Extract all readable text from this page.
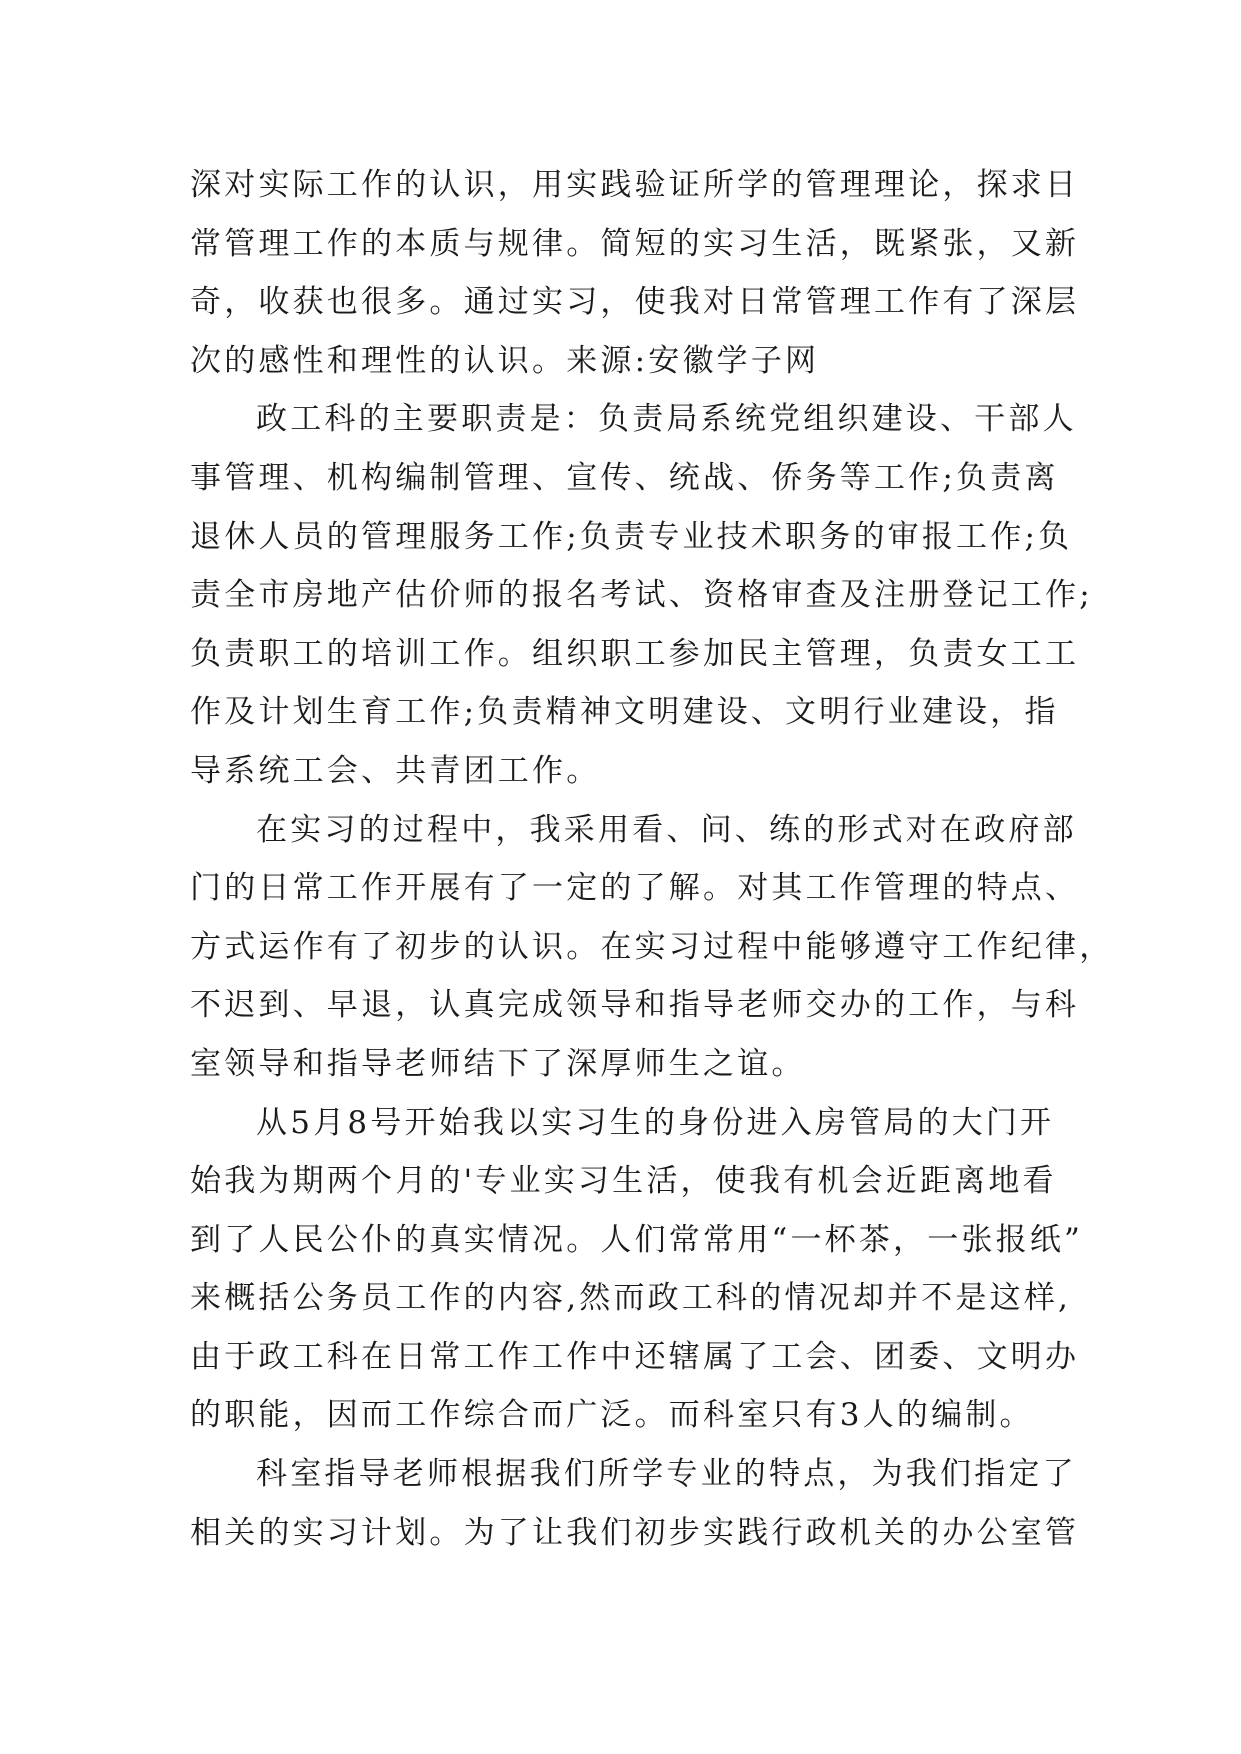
深对实际工作的认识，用实践验证所学的管理理论，探求日
常管理工作的本质与规律。简短的实习生活，既紧张，又新
奇，收获也很多。通过实习，使我对日常管理工作有了深层
次的感性和理性的认识。来源:安徽学子网
政工科的主要职责是：负责局系统党组织建设、干部人
事管理、机构编制管理、宣传、统战、侨务等工作;负责离
退休人员的管理服务工作;负责专业技术职务的审报工作;负
责全市房地产估价师的报名考试、资格审查及注册登记工作;
负责职工的培训工作。组织职工参加民主管理，负责女工工
作及计划生育工作;负责精神文明建设、文明行业建设，指
导系统工会、共青团工作。
在实习的过程中，我采用看、问、练的形式对在政府部
门的日常工作开展有了一定的了解。对其工作管理的特点、
方式运作有了初步的认识。在实习过程中能够遵守工作纪律，
不迟到、早退，认真完成领导和指导老师交办的工作，与科
室领导和指导老师结下了深厚师生之谊。
从5月8号开始我以实习生的身份进入房管局的大门开
始我为期两个月的'专业实习生活，使我有机会近距离地看
到了人民公仆的真实情况。人们常常用“一杯茶，一张报纸”
来概括公务员工作的内容,然而政工科的情况却并不是这样,
由于政工科在日常工作工作中还辖属了工会、团委、文明办
的职能，因而工作综合而广泛。而科室只有3人的编制。
科室指导老师根据我们所学专业的特点，为我们指定了
相关的实习计划。为了让我们初步实践行政机关的办公室管
